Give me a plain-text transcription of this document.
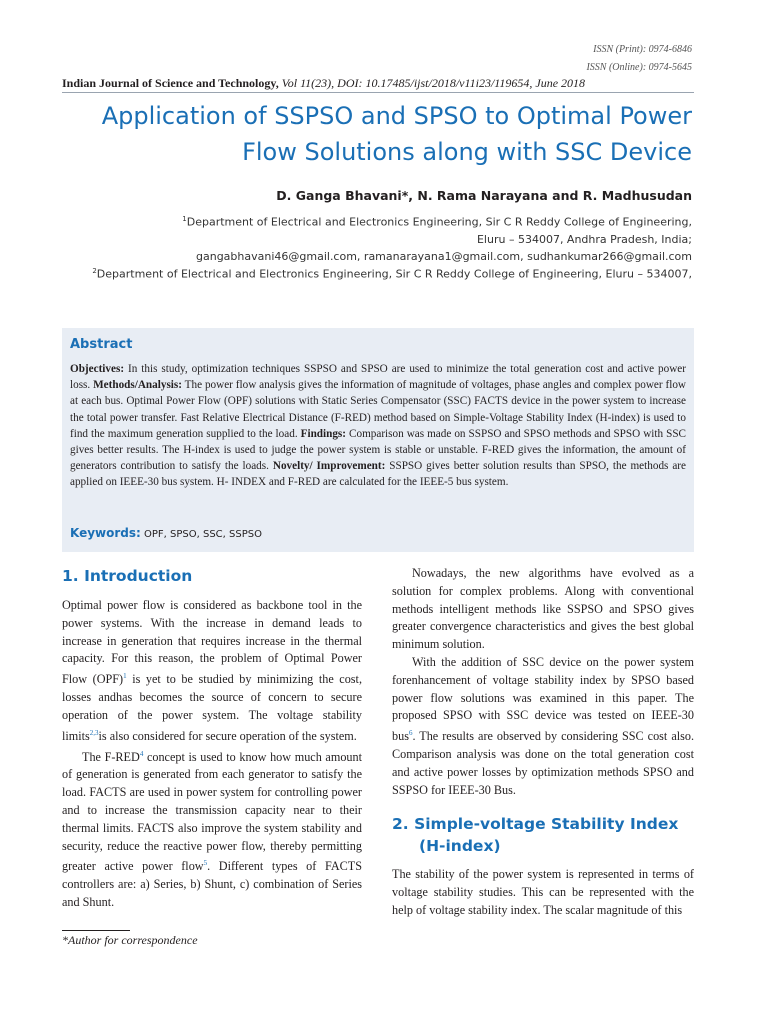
ISSN (Print): 0974-6846
ISSN (Online): 0974-5645
Indian Journal of Science and Technology, Vol 11(23), DOI: 10.17485/ijst/2018/v11i23/119654, June 2018
Application of SSPSO and SPSO to Optimal Power
Flow Solutions along with SSC Device
D. Ganga Bhavani*, N. Rama Narayana and R. Madhusudan
$^1$Department of Electrical and Electronics Engineering, Sir C R Reddy College of Engineering,
Eluru – 534007, Andhra Pradesh, India;
gangabhavani46@gmail.com, ramanarayana1@gmail.com, sudhankumar266@gmail.com
$^2$Department of Electrical and Electronics Engineering, Sir C R Reddy College of Engineering, Eluru – 534007,
Abstract
Objectives: In this study, optimization techniques SSPSO and SPSO are used to minimize the total generation cost and active power loss. Methods/Analysis: The power flow analysis gives the information of magnitude of voltages, phase angles and complex power flow at each bus. Optimal Power Flow (OPF) solutions with Static Series Compensator (SSC) FACTS device in the power system to increase the total power transfer. Fast Relative Electrical Distance (F-RED) method based on Simple-Voltage Stability Index (H-index) is used to find the maximum generation supplied to the load. Findings: Comparison was made on SSPSO and SPSO methods and SPSO with SSC gives better results. The H-index is used to judge the power system is stable or unstable. F-RED gives the information, the amount of generators contribution to satisfy the loads. Novelty/ Improvement: SSPSO gives better solution results than SPSO, the methods are applied on IEEE-30 bus system. H- INDEX and F-RED are calculated for the IEEE-5 bus system.
Keywords: OPF, SPSO, SSC, SSPSO
1. Introduction

Optimal power flow is considered as backbone tool in the power systems. With the increase in demand leads to increase in generation that requires increase in the thermal capacity. For this reason, the problem of Optimal Power Flow (OPF)$^1$ is yet to be studied by minimizing the cost, losses andhas becomes the source of concern to secure operation of the power system. The voltage stability limits$^{2,3}$is also considered for secure operation of the system.

The F-RED$^4$ concept is used to know how much amount of generation is generated from each generator to satisfy the load. FACTS are used in power system for controlling power and to increase the transmission capacity near to their thermal limits. FACTS also improve the system stability and security, reduce the reactive power flow, thereby permitting greater active power flow$^5$. Different types of FACTS controllers are: a) Series, b) Shunt, c) combination of Series and Shunt.

Nowadays, the new algorithms have evolved as a solution for complex problems. Along with conventional methods intelligent methods like SSPSO and SPSO gives greater convergence characteristics and gives the best global minimum solution.

With the addition of SSC device on the power system forenhancement of voltage stability index by SPSO based power flow solutions was examined in this paper. The proposed SPSO with SSC device was tested on IEEE-30 bus$^6$. The results are observed by considering SSC cost also. Comparison analysis was done on the total generation cost and active power losses by optimization methods SPSO and SSPSO for IEEE-30 Bus.

2. Simple-voltage Stability Index
(H-index)

The stability of the power system is represented in terms of voltage stability studies. This can be represented with the help of voltage stability index. The scalar magnitude of this

*Author for correspondence
